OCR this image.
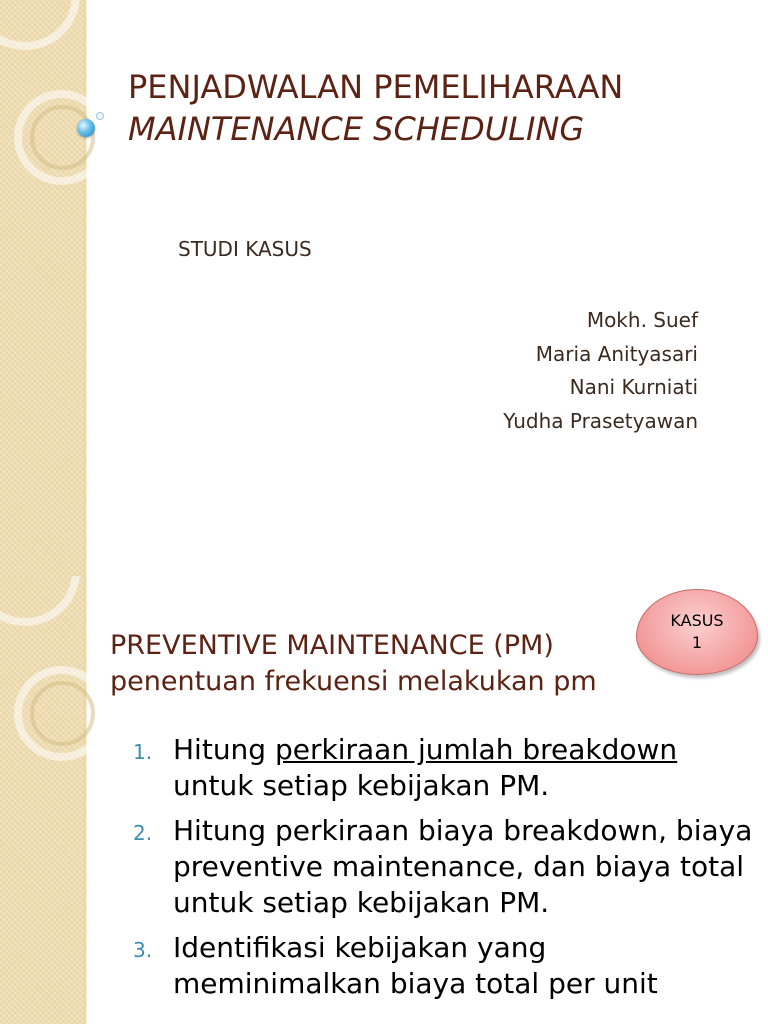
PENJADWALAN PEMELIHARAAN
MAINTENANCE SCHEDULING
STUDI KASUS
Mokh. Suef
Maria Anityasari
Nani Kurniati
Yudha Prasetyawan
PREVENTIVE MAINTENANCE (PM)
penentuan frekuensi melakukan pm
KASUS
1
1. Hitung perkiraan jumlah breakdown untuk setiap kebijakan PM.
2. Hitung perkiraan biaya breakdown, biaya preventive maintenance, dan biaya total untuk setiap kebijakan PM.
3. Identifikasi kebijakan yang meminimalkan biaya total per unit
